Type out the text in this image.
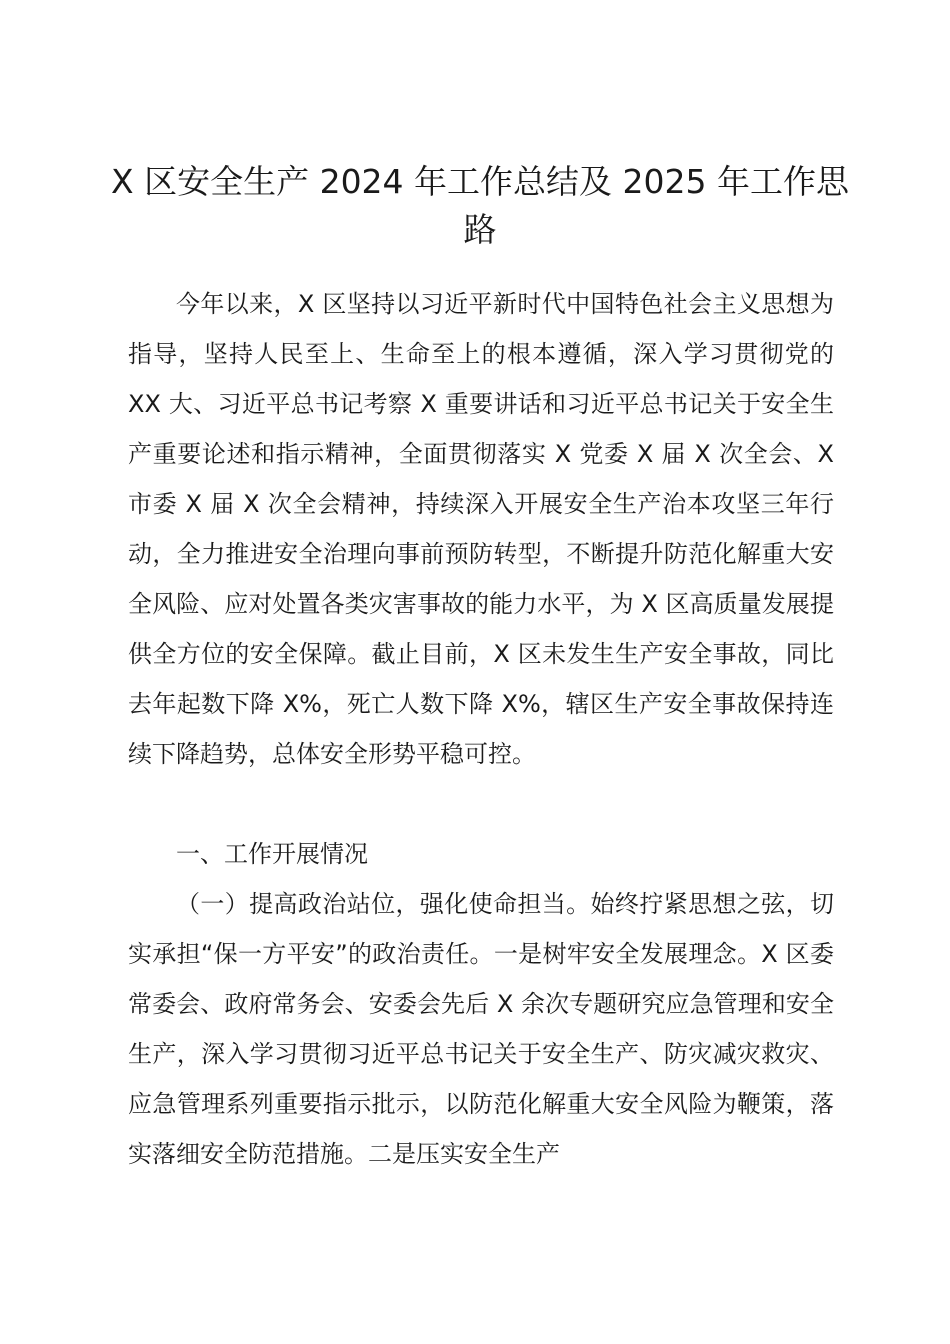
X 区安全生产 2024 年工作总结及 2025 年工作思路

今年以来，X 区坚持以习近平新时代中国特色社会主义思想为指导，坚持人民至上、生命至上的根本遵循，深入学习贯彻党的 XX 大、习近平总书记考察 X 重要讲话和习近平总书记关于安全生产重要论述和指示精神，全面贯彻落实 X 党委 X 届 X 次全会、X 市委 X 届 X 次全会精神，持续深入开展安全生产治本攻坚三年行动，全力推进安全治理向事前预防转型，不断提升防范化解重大安全风险、应对处置各类灾害事故的能力水平，为 X 区高质量发展提供全方位的安全保障。截止目前，X 区未发生生产安全事故，同比去年起数下降 X%，死亡人数下降 X%，辖区生产安全事故保持连续下降趋势，总体安全形势平稳可控。

一、工作开展情况

（一）提高政治站位，强化使命担当。始终拧紧思想之弦，切实承担“保一方平安”的政治责任。一是树牢安全发展理念。X 区委常委会、政府常务会、安委会先后 X 余次专题研究应急管理和安全生产，深入学习贯彻习近平总书记关于安全生产、防灾减灾救灾、应急管理系列重要指示批示，以防范化解重大安全风险为鞭策，落实落细安全防范措施。二是压实安全生产
